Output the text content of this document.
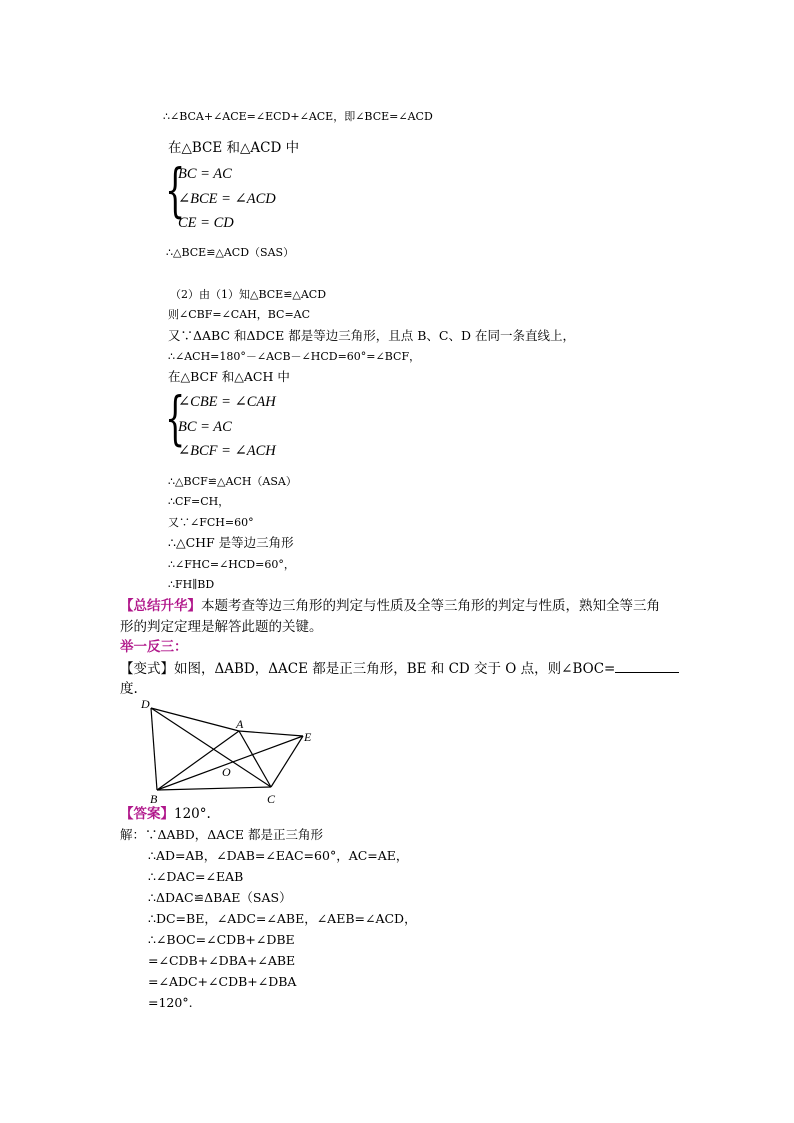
∴∠BCA+∠ACE=∠ECD+∠ACE，即∠BCE=∠ACD
在△BCE 和△ACD 中
{
BC = AC
∠BCE = ∠ACD
CE = CD
∴△BCE≌△ACD（SAS）
（2）由（1）知△BCE≌△ACD
则∠CBF=∠CAH，BC=AC
又∵ΔABC 和ΔDCE 都是等边三角形，且点 B、C、D 在同一条直线上，
∴∠ACH=180°－∠ACB－∠HCD=60°=∠BCF，
在△BCF 和△ACH 中
{
∠CBE = ∠CAH
BC = AC
∠BCF = ∠ACH
∴△BCF≌△ACH（ASA）
∴CF=CH，
又∵∠FCH=60°
∴△CHF 是等边三角形
∴∠FHC=∠HCD=60°，
∴FH∥BD
【总结升华】本题考查等边三角形的判定与性质及全等三角形的判定与性质，熟知全等三角
形的判定定理是解答此题的关键。
举一反三：
【变式】如图，ΔABD，ΔACE 都是正三角形，BE 和 CD 交于 O 点，则∠BOC=
度.
D
A
E
O
B	C
【答案】120°.
解：∵ΔABD，ΔACE 都是正三角形
∴AD=AB，∠DAB=∠EAC=60°，AC=AE，
∴∠DAC=∠EAB
∴ΔDAC≌ΔBAE（SAS）
∴DC=BE，∠ADC=∠ABE，∠AEB=∠ACD，
∴∠BOC=∠CDB+∠DBE
=∠CDB+∠DBA+∠ABE
=∠ADC+∠CDB+∠DBA
=120°.
